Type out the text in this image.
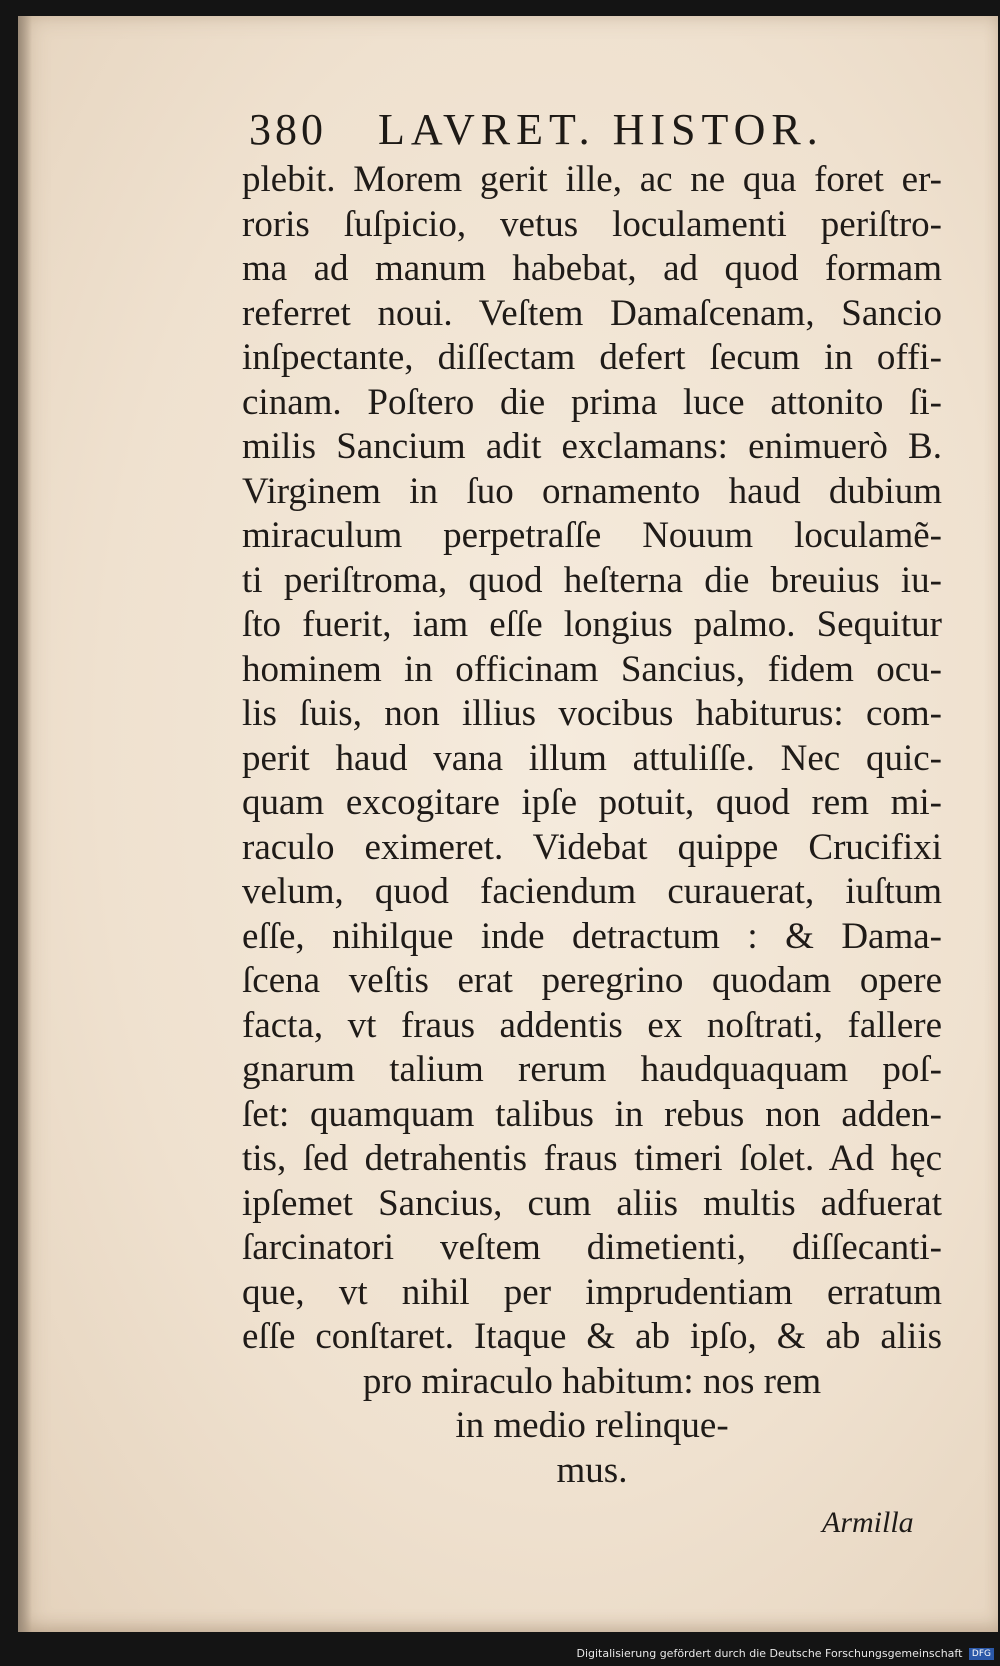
380 LAVRET. HISTOR.
plebit. Morem gerit ille, ac ne qua foret er-
roris ſuſpicio, vetus loculamenti periſtro-
ma ad manum habebat, ad quod formam
referret noui. Veſtem Damaſcenam, Sancio
inſpectante, diſſectam defert ſecum in offi-
cinam. Poſtero die prima luce attonito ſi-
milis Sancium adit exclamans: enimuerò B.
Virginem in ſuo ornamento haud dubium
miraculum perpetraſſe Nouum loculamẽ-
ti periſtroma, quod heſterna die breuius iu-
ſto fuerit, iam eſſe longius palmo. Sequitur
hominem in officinam Sancius, fidem ocu-
lis ſuis, non illius vocibus habiturus: com-
perit haud vana illum attuliſſe. Nec quic-
quam excogitare ipſe potuit, quod rem mi-
raculo eximeret. Videbat quippe Crucifixi
velum, quod faciendum curauerat, iuſtum
eſſe, nihilque inde detractum : & Dama-
ſcena veſtis erat peregrino quodam opere
facta, vt fraus addentis ex noſtrati, fallere
gnarum talium rerum haudquaquam poſ-
ſet: quamquam talibus in rebus non adden-
tis, ſed detrahentis fraus timeri ſolet. Ad hęc
ipſemet Sancius, cum aliis multis adfuerat
ſarcinatori veſtem dimetienti, diſſecanti-
que, vt nihil per imprudentiam erratum
eſſe conſtaret. Itaque & ab ipſo, & ab aliis
pro miraculo habitum: nos rem
in medio relinque-
mus.
Armilla
Digitalisierung gefördert durch die Deutsche Forschungsgemeinschaft DFG
